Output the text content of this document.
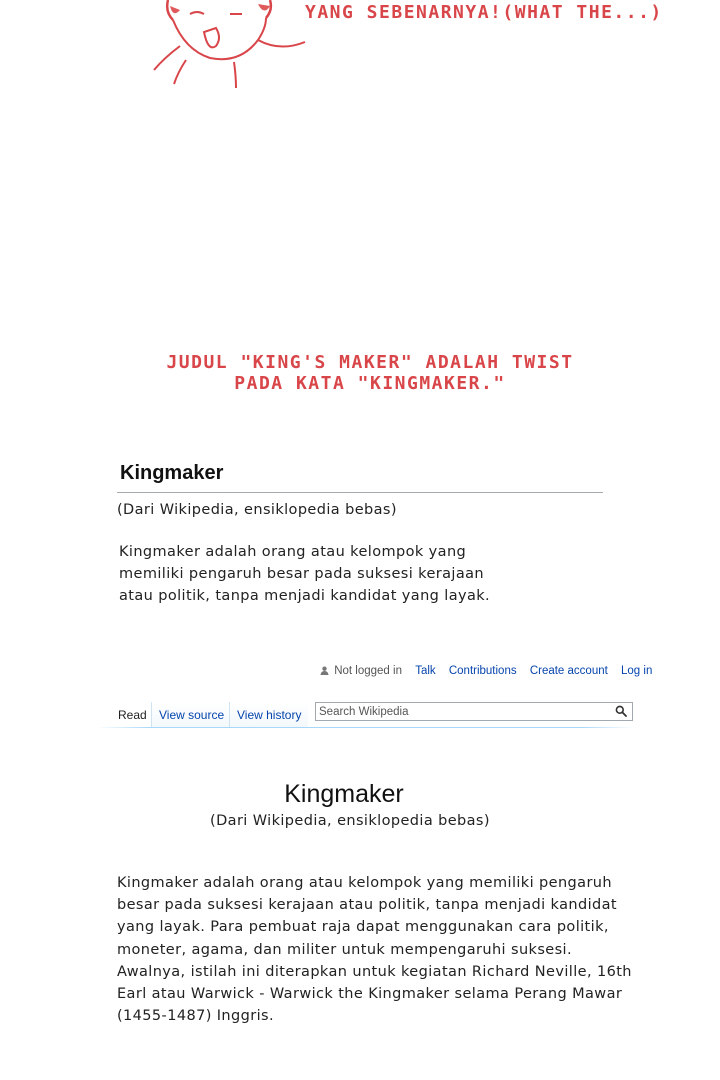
YANG SEBENARNYA!(WHAT THE...)
JUDUL "KING'S MAKER" ADALAH TWIST
PADA KATA "KINGMAKER."
Kingmaker
(Dari Wikipedia, ensiklopedia bebas)
Kingmaker adalah orang atau kelompok yang
memiliki pengaruh besar pada suksesi kerajaan
atau politik, tanpa menjadi kandidat yang layak.
Not logged in Talk Contributions Create account Log in
Read	View source	View history
Search Wikipedia
Kingmaker
(Dari Wikipedia, ensiklopedia bebas)
Kingmaker adalah orang atau kelompok yang memiliki pengaruh
besar pada suksesi kerajaan atau politik, tanpa menjadi kandidat
yang layak. Para pembuat raja dapat menggunakan cara politik,
moneter, agama, dan militer untuk mempengaruhi suksesi.
Awalnya, istilah ini diterapkan untuk kegiatan Richard Neville, 16th
Earl atau Warwick - Warwick the Kingmaker selama Perang Mawar
(1455-1487) Inggris.
